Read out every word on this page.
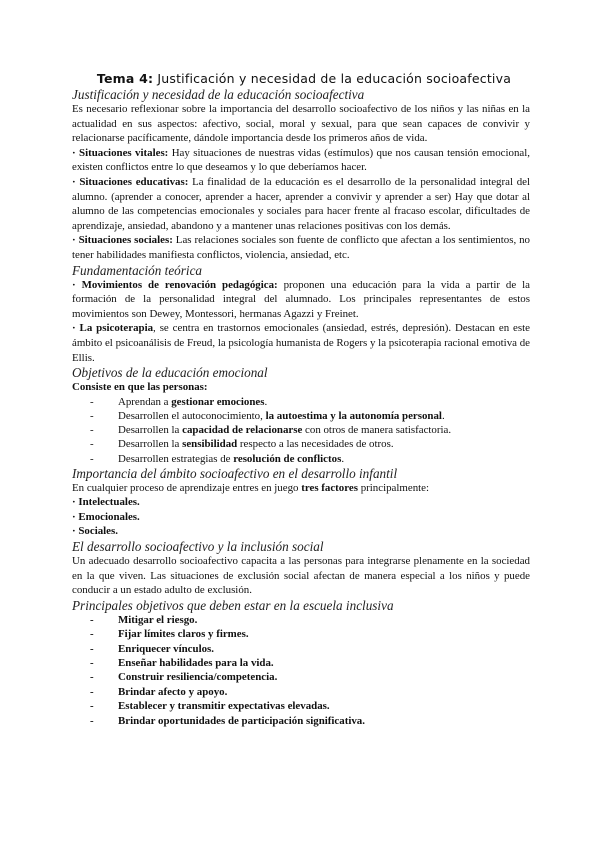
Tema 4: Justificación y necesidad de la educación socioafectiva
Justificación y necesidad de la educación socioafectiva

Es necesario reflexionar sobre la importancia del desarrollo socioafectivo de los niños y las niñas en la actualidad en sus aspectos: afectivo, social, moral y sexual, para que sean capaces de convivir y relacionarse pacíficamente, dándole importancia desde los primeros años de vida.

· Situaciones vitales: Hay situaciones de nuestras vidas (estímulos) que nos causan tensión emocional, existen conflictos entre lo que deseamos y lo que deberíamos hacer.

· Situaciones educativas: La finalidad de la educación es el desarrollo de la personalidad integral del alumno. (aprender a conocer, aprender a hacer, aprender a convivir y aprender a ser) Hay que dotar al alumno de las competencias emocionales y sociales para hacer frente al fracaso escolar, dificultades de aprendizaje, ansiedad, abandono y a mantener unas relaciones positivas con los demás.

· Situaciones sociales: Las relaciones sociales son fuente de conflicto que afectan a los sentimientos, no tener habilidades manifiesta conflictos, violencia, ansiedad, etc.

Fundamentación teórica

· Movimientos de renovación pedagógica: proponen una educación para la vida a partir de la formación de la personalidad integral del alumnado. Los principales representantes de estos movimientos son Dewey, Montessori, hermanas Agazzi y Freinet.

· La psicoterapia, se centra en trastornos emocionales (ansiedad, estrés, depresión). Destacan en este ámbito el psicoanálisis de Freud, la psicología humanista de Rogers y la psicoterapia racional emotiva de Ellis.

Objetivos de la educación emocional

Consiste en que las personas:

- Aprendan a gestionar emociones.
- Desarrollen el autoconocimiento, la autoestima y la autonomía personal.
- Desarrollen la capacidad de relacionarse con otros de manera satisfactoria.
- Desarrollen la sensibilidad respecto a las necesidades de otros.
- Desarrollen estrategias de resolución de conflictos.
Importancia del ámbito socioafectivo en el desarrollo infantil

En cualquier proceso de aprendizaje entres en juego tres factores principalmente:

· Intelectuales.

· Emocionales.

· Sociales.

El desarrollo socioafectivo y la inclusión social

Un adecuado desarrollo socioafectivo capacita a las personas para integrarse plenamente en la sociedad en la que viven. Las situaciones de exclusión social afectan de manera especial a los niños y puede conducir a un estado adulto de exclusión.

Principales objetivos que deben estar en la escuela inclusiva
- Mitigar el riesgo.
- Fijar límites claros y firmes.
- Enriquecer vínculos.
- Enseñar habilidades para la vida.
- Construir resiliencia/competencia.
- Brindar afecto y apoyo.
- Establecer y transmitir expectativas elevadas.
- Brindar oportunidades de participación significativa.
